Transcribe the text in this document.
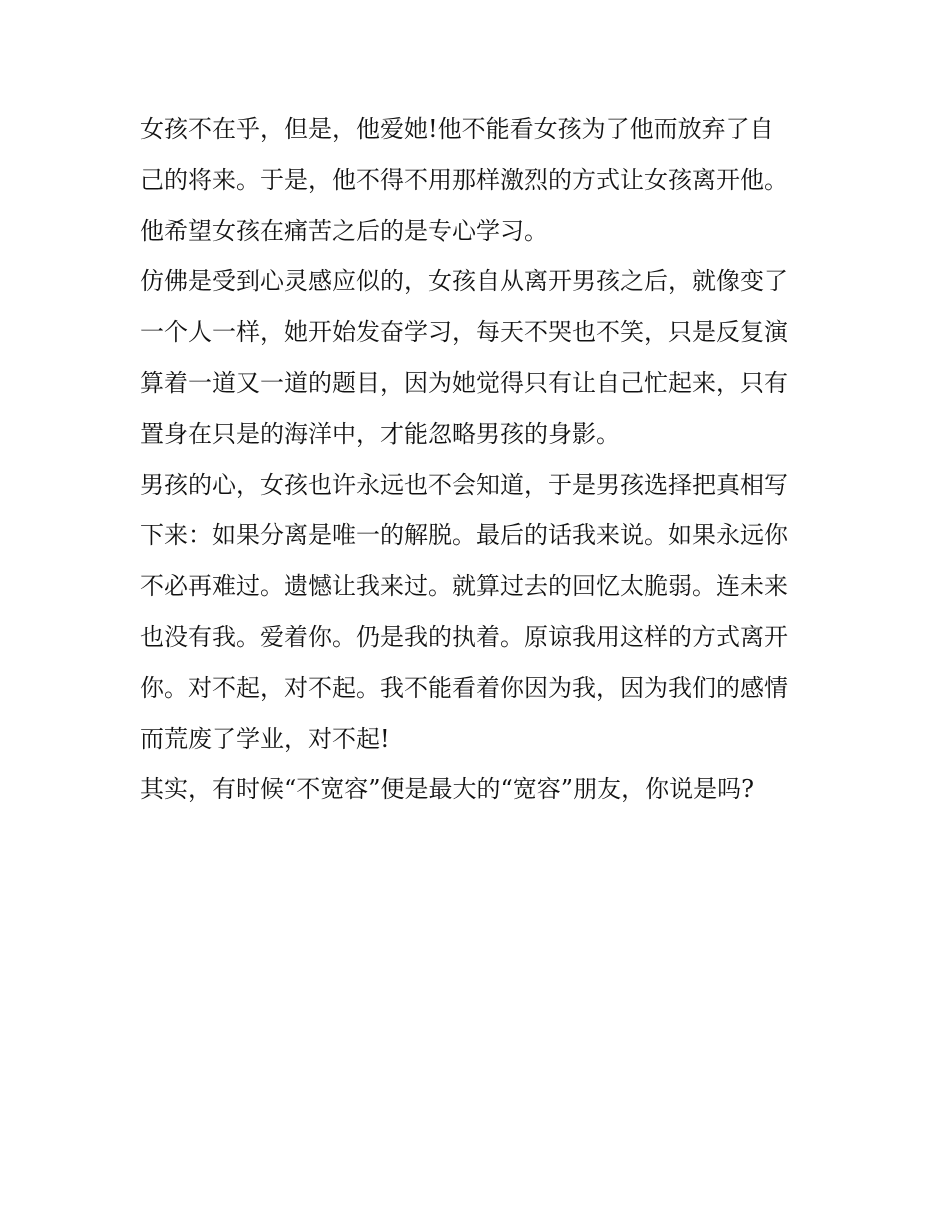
女孩不在乎，但是，他爱她!他不能看女孩为了他而放弃了自
己的将来。于是，他不得不用那样激烈的方式让女孩离开他。
他希望女孩在痛苦之后的是专心学习。
仿佛是受到心灵感应似的，女孩自从离开男孩之后，就像变了
一个人一样，她开始发奋学习，每天不哭也不笑，只是反复演
算着一道又一道的题目，因为她觉得只有让自己忙起来，只有
置身在只是的海洋中，才能忽略男孩的身影。
男孩的心，女孩也许永远也不会知道，于是男孩选择把真相写
下来：如果分离是唯一的解脱。最后的话我来说。如果永远你
不必再难过。遗憾让我来过。就算过去的回忆太脆弱。连未来
也没有我。爱着你。仍是我的执着。原谅我用这样的方式离开
你。对不起，对不起。我不能看着你因为我，因为我们的感情
而荒废了学业，对不起!
其实，有时候“不宽容”便是最大的“宽容”朋友，你说是吗?
